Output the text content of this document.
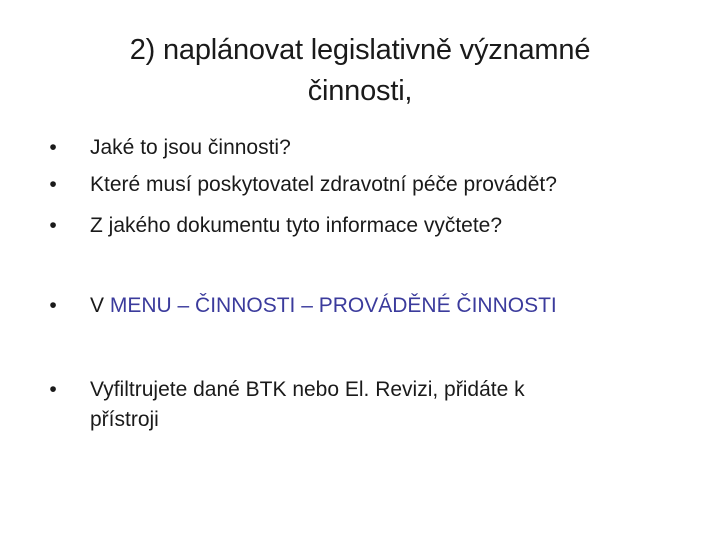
2) naplánovat legislativně významné
činnosti,
• Jaké to jsou činnosti?
• Které musí poskytovatel zdravotní péče provádět?
• Z jakého dokumentu tyto informace vyčtete?
• V MENU – ČINNOSTI – PROVÁDĚNÉ ČINNOSTI
• Vyfiltrujete dané BTK nebo El. Revizi, přidáte k
přístroji
